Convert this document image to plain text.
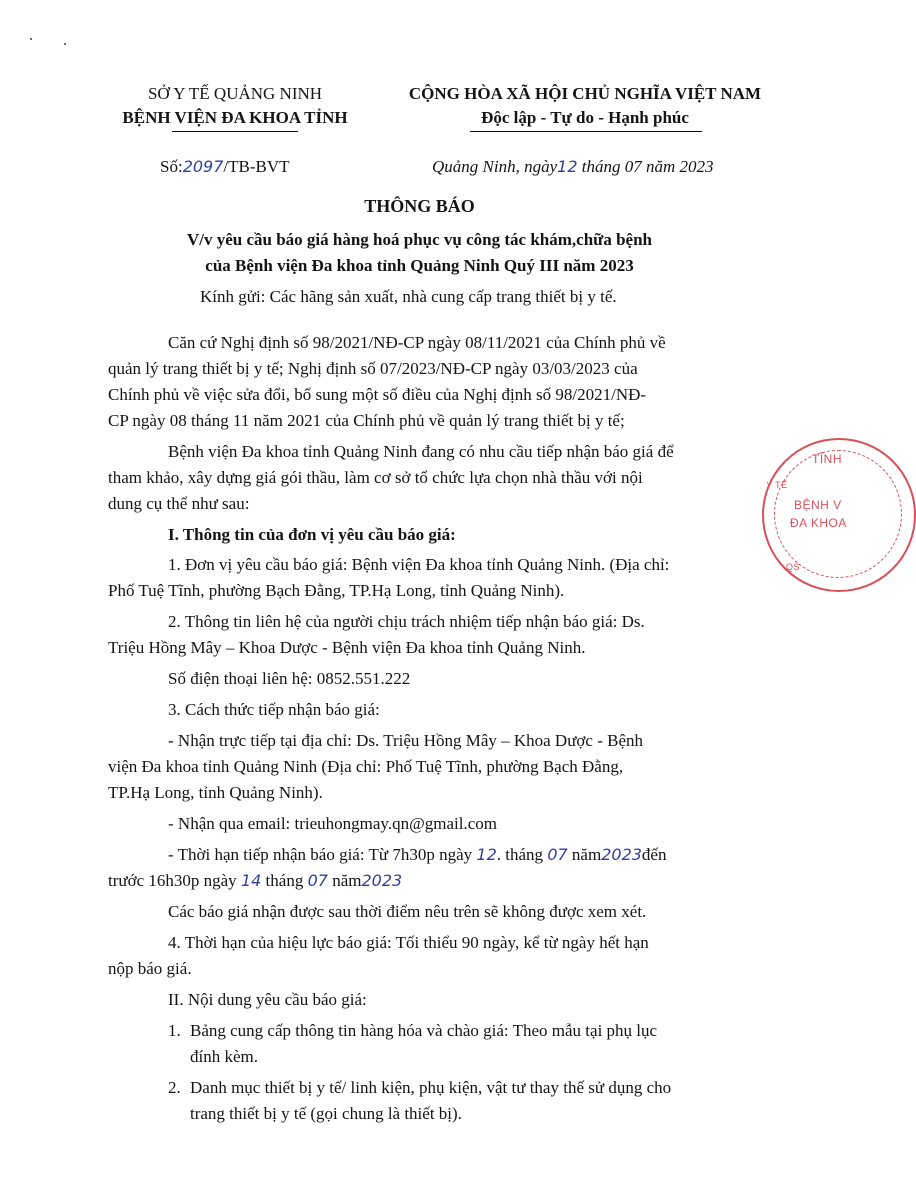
SỞ Y TẾ QUẢNG NINH
BỆNH VIỆN ĐA KHOA TỈNH
CỘNG HÒA XÃ HỘI CHỦ NGHĨA VIỆT NAM
Độc lập - Tự do - Hạnh phúc
Số:2097/TB-BVT	Quảng Ninh, ngày12 tháng 07 năm 2023
THÔNG BÁO
V/v yêu cầu báo giá hàng hoá phục vụ công tác khám,chữa bệnh
của Bệnh viện Đa khoa tỉnh Quảng Ninh Quý III năm 2023
Kính gửi: Các hãng sản xuất, nhà cung cấp trang thiết bị y tế.
Căn cứ Nghị định số 98/2021/NĐ-CP ngày 08/11/2021 của Chính phủ về
quản lý trang thiết bị y tế; Nghị định số 07/2023/NĐ-CP ngày 03/03/2023 của
Chính phủ về việc sửa đổi, bổ sung một số điều của Nghị định số 98/2021/NĐ-
CP ngày 08 tháng 11 năm 2021 của Chính phủ về quản lý trang thiết bị y tế;
Bệnh viện Đa khoa tỉnh Quảng Ninh đang có nhu cầu tiếp nhận báo giá để
tham khảo, xây dựng giá gói thầu, làm cơ sở tổ chức lựa chọn nhà thầu với nội
dung cụ thể như sau:
I. Thông tin của đơn vị yêu cầu báo giá:
1. Đơn vị yêu cầu báo giá: Bệnh viện Đa khoa tỉnh Quảng Ninh. (Địa chỉ:
Phố Tuệ Tĩnh, phường Bạch Đằng, TP.Hạ Long, tỉnh Quảng Ninh).
2. Thông tin liên hệ của người chịu trách nhiệm tiếp nhận báo giá: Ds.
Triệu Hồng Mây – Khoa Dược - Bệnh viện Đa khoa tỉnh Quảng Ninh.
Số điện thoại liên hệ: 0852.551.222
3. Cách thức tiếp nhận báo giá:
- Nhận trực tiếp tại địa chỉ: Ds. Triệu Hồng Mây – Khoa Dược - Bệnh
viện Đa khoa tỉnh Quảng Ninh (Địa chỉ: Phố Tuệ Tĩnh, phường Bạch Đằng,
TP.Hạ Long, tỉnh Quảng Ninh).
- Nhận qua email: trieuhongmay.qn@gmail.com
- Thời hạn tiếp nhận báo giá: Từ 7h30p ngày 12. tháng 07 năm2023đến
trước 16h30p ngày 14 tháng 07 năm2023
Các báo giá nhận được sau thời điểm nêu trên sẽ không được xem xét.
4. Thời hạn của hiệu lực báo giá: Tối thiểu 90 ngày, kể từ ngày hết hạn
nộp báo giá.
II. Nội dung yêu cầu báo giá:
1. Bảng cung cấp thông tin hàng hóa và chào giá: Theo mẫu tại phụ lục
đính kèm.
2. Danh mục thiết bị y tế/ linh kiện, phụ kiện, vật tư thay thế sử dụng cho
trang thiết bị y tế (gọi chung là thiết bị).
TỈNH
BỆNH V
ĐA KHOA
Y TẾ
QS
